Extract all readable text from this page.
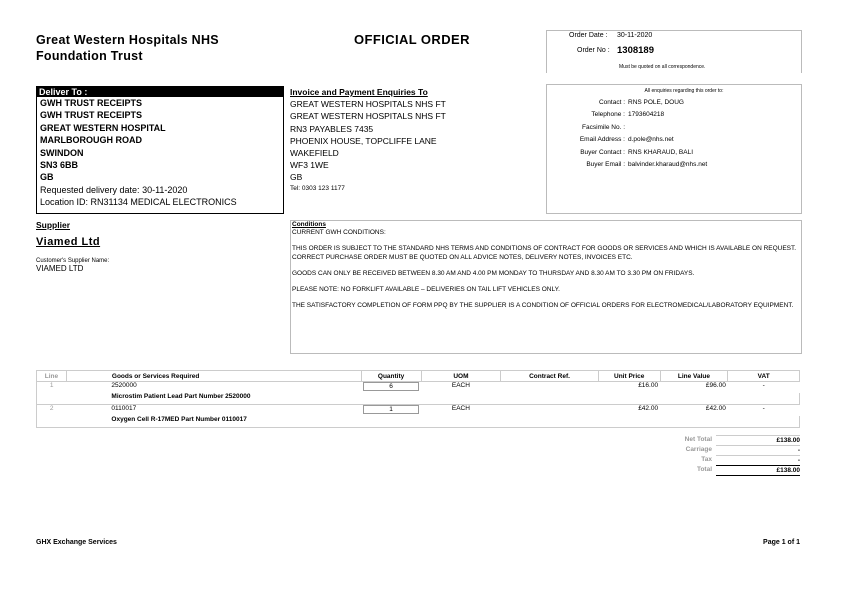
Great Western Hospitals NHS
Foundation Trust
OFFICIAL ORDER	Order Date : 30-11-2020
Order No : 1308189
Must be quoted on all correspondence.
Deliver To :
GWH TRUST RECEIPTS
GWH TRUST RECEIPTS
GREAT WESTERN HOSPITAL
MARLBOROUGH ROAD
SWINDON
SN3 6BB
GB
Requested delivery date: 30-11-2020
Location ID: RN31134 MEDICAL ELECTRONICS
Invoice and Payment Enquiries To
GREAT WESTERN HOSPITALS NHS FT
GREAT WESTERN HOSPITALS NHS FT
RN3 PAYABLES 7435
PHOENIX HOUSE, TOPCLIFFE LANE
WAKEFIELD
WF3 1WE
GB
Tel: 0303 123 1177
All enquiries regarding this order to:
Contact : RNS POLE, DOUG
Telephone : 1793604218
Facsimile No. :
Email Address : d.pole@nhs.net
Buyer Contact : RNS KHARAUD, BALI
Buyer Email : balvinder.kharaud@nhs.net
Supplier
Viamed Ltd
Customer's Supplier Name:
VIAMED LTD

Conditions

CURRENT GWH CONDITIONS:

THIS ORDER IS SUBJECT TO THE STANDARD NHS TERMS AND CONDITIONS OF CONTRACT FOR GOODS OR SERVICES AND WHICH IS AVAILABLE ON REQUEST.

CORRECT PURCHASE ORDER MUST BE QUOTED ON ALL ADVICE NOTES, DELIVERY NOTES, INVOICES ETC.

GOODS CAN ONLY BE RECEIVED BETWEEN 8.30 AM AND 4.00 PM MONDAY TO THURSDAY AND 8.30 AM TO 3.30 PM ON FRIDAYS.

PLEASE NOTE: NO FORKLIFT AVAILABLE – DELIVERIES ON TAIL LIFT VEHICLES ONLY.

THE SATISFACTORY COMPLETION OF FORM PPQ BY THE SUPPLIER IS A CONDITION OF OFFICIAL ORDERS FOR ELECTROMEDICAL/LABORATORY EQUIPMENT.

Line	Goods or Services Required	Quantity	UOM	Contract Ref.	Unit Price	Line Value	VAT
1	2520000	6	EACH		£16.00	£96.00	-
	Microstim Patient Lead Part Number 2520000						
2	0110017	1	EACH		£42.00	£42.00	-
	Oxygen Cell R-17MED Part Number 0110017						
Net Total	£138.00
Carriage	-
Tax	-
Total	£138.00
GHX Exchange Services	Page 1 of 1
